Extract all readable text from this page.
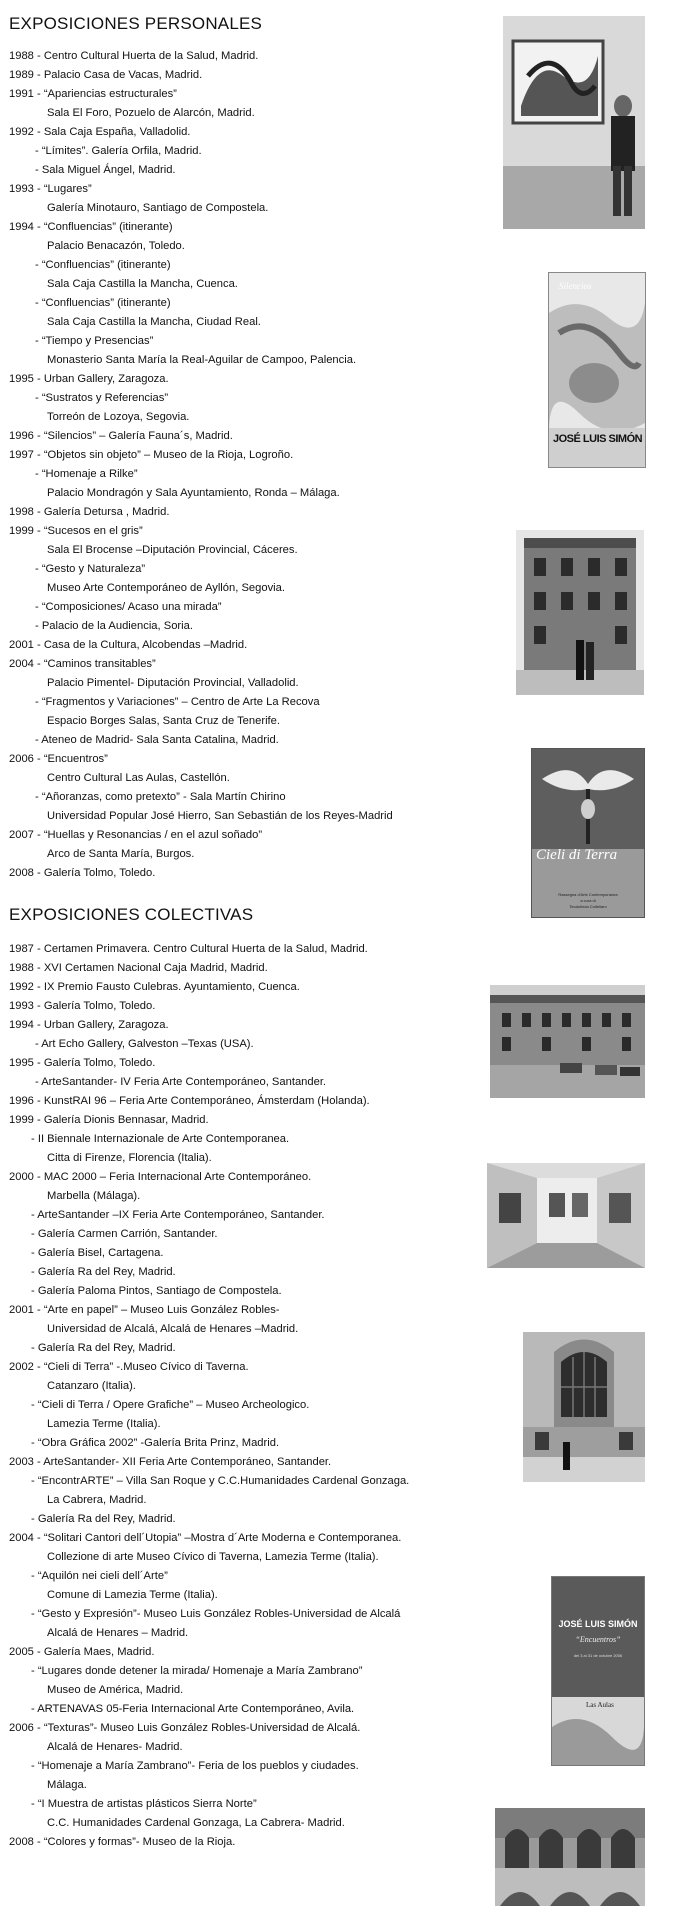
EXPOSICIONES PERSONALES
1988 - Centro Cultural Huerta de la Salud, Madrid.
1989 - Palacio Casa de Vacas, Madrid.
1991 - “Apariencias estructurales”
Sala El Foro, Pozuelo de Alarcón, Madrid.
1992 - Sala Caja España, Valladolid.
- “Límites”. Galería Orfila, Madrid.
- Sala Miguel Ángel, Madrid.
1993 - “Lugares”
Galería Minotauro, Santiago de Compostela.
1994 - “Confluencias” (itinerante)
Palacio Benacazón, Toledo.
- “Confluencias” (itinerante)
Sala Caja Castilla la Mancha, Cuenca.
- “Confluencias” (itinerante)
Sala Caja Castilla la Mancha, Ciudad Real.
- “Tiempo y Presencias”
Monasterio Santa María la Real-Aguilar de Campoo, Palencia.
1995 - Urban Gallery, Zaragoza.
- “Sustratos y Referencias”
Torreón de Lozoya, Segovia.
1996 - “Silencios” – Galería Fauna´s, Madrid.
1997 - “Objetos sin objeto” – Museo de la Rioja, Logroño.
- “Homenaje a Rilke”
Palacio Mondragón y Sala Ayuntamiento, Ronda – Málaga.
1998 - Galería Detursa , Madrid.
1999 - “Sucesos en el gris”
Sala El Brocense –Diputación Provincial, Cáceres.
- “Gesto y Naturaleza”
Museo Arte Contemporáneo de Ayllón, Segovia.
- “Composiciones/ Acaso una mirada”
- Palacio de la Audiencia, Soria.
2001 - Casa de la Cultura, Alcobendas –Madrid.
2004 - “Caminos transitables”
Palacio Pimentel- Diputación Provincial, Valladolid.
- “Fragmentos y Variaciones” – Centro de Arte La Recova
Espacio Borges Salas, Santa Cruz de Tenerife.
- Ateneo de Madrid- Sala Santa Catalina, Madrid.
2006 - “Encuentros”
Centro Cultural Las Aulas, Castellón.
- “Añoranzas, como pretexto” - Sala Martín Chirino
Universidad Popular José Hierro, San Sebastián de los Reyes-Madrid
2007 - “Huellas y Resonancias / en el azul soñado”
Arco de Santa María, Burgos.
2008 - Galería Tolmo, Toledo.
EXPOSICIONES COLECTIVAS
1987 - Certamen Primavera. Centro Cultural Huerta de la Salud, Madrid.
1988 - XVI Certamen Nacional Caja Madrid, Madrid.
1992 - IX Premio Fausto Culebras. Ayuntamiento, Cuenca.
1993 - Galería Tolmo, Toledo.
1994 - Urban Gallery, Zaragoza.
- Art Echo Gallery, Galveston –Texas (USA).
1995 - Galería Tolmo, Toledo.
- ArteSantander- IV Feria Arte Contemporáneo, Santander.
1996 - KunstRAI 96 – Feria Arte Contemporáneo, Ámsterdam (Holanda).
1999 - Galería Dionis Bennasar, Madrid.
- II Biennale Internazionale de Arte Contemporanea.
Citta di Firenze, Florencia (Italia).
2000 - MAC 2000 – Feria Internacional Arte Contemporáneo.
Marbella (Málaga).
- ArteSantander –IX Feria Arte Contemporáneo, Santander.
- Galería Carmen Carrión, Santander.
- Galería Bisel, Cartagena.
- Galería Ra del Rey, Madrid.
- Galería Paloma Pintos, Santiago de Compostela.
2001 - “Arte en papel” – Museo Luis González Robles-
Universidad de Alcalá, Alcalá de Henares –Madrid.
- Galería Ra del Rey, Madrid.
2002 - “Cieli di Terra” -.Museo Cívico di Taverna.
Catanzaro (Italia).
- “Cieli di Terra / Opere Grafiche” – Museo Archeologico.
Lamezia Terme (Italia).
- “Obra Gráfica 2002” -Galería Brita Prinz, Madrid.
2003 - ArteSantander- XII Feria Arte Contemporáneo, Santander.
- “EncontrARTE” – Villa San Roque y C.C.Humanidades Cardenal Gonzaga.
La Cabrera, Madrid.
- Galería Ra del Rey, Madrid.
2004 - “Solitari Cantori dell´Utopia” –Mostra d´Arte Moderna e Contemporanea.
Collezione di arte Museo Cívico di Taverna, Lamezia Terme (Italia).
- “Aquilón nei cieli dell´Arte”
Comune di Lamezia Terme (Italia).
- “Gesto y Expresión”- Museo Luis González Robles-Universidad de Alcalá
Alcalá de Henares – Madrid.
2005 - Galería Maes, Madrid.
- “Lugares donde detener la mirada/ Homenaje a María Zambrano”
Museo de América, Madrid.
- ARTENAVAS 05-Feria Internacional Arte Contemporáneo, Avila.
2006 - “Texturas”- Museo Luis González Robles-Universidad de Alcalá.
Alcalá de Henares- Madrid.
- “Homenaje a María Zambrano”- Feria de los pueblos y ciudades.
Málaga.
- “I Muestra de artistas plásticos Sierra Norte”
C.C. Humanidades Cardenal Gonzaga, La Cabrera- Madrid.
2008 - “Colores y formas”- Museo de la Rioja.
Silencios
JOSÉ LUIS SIMÓN
Cieli di Terra
Rassegna d'Arte Contemporanea
a cura di
Teodolinda Coltellaro
JOSÉ LUIS SIMÓN
“Encuentros”
del 3 al 31 de octubre 2006
Las Aulas
